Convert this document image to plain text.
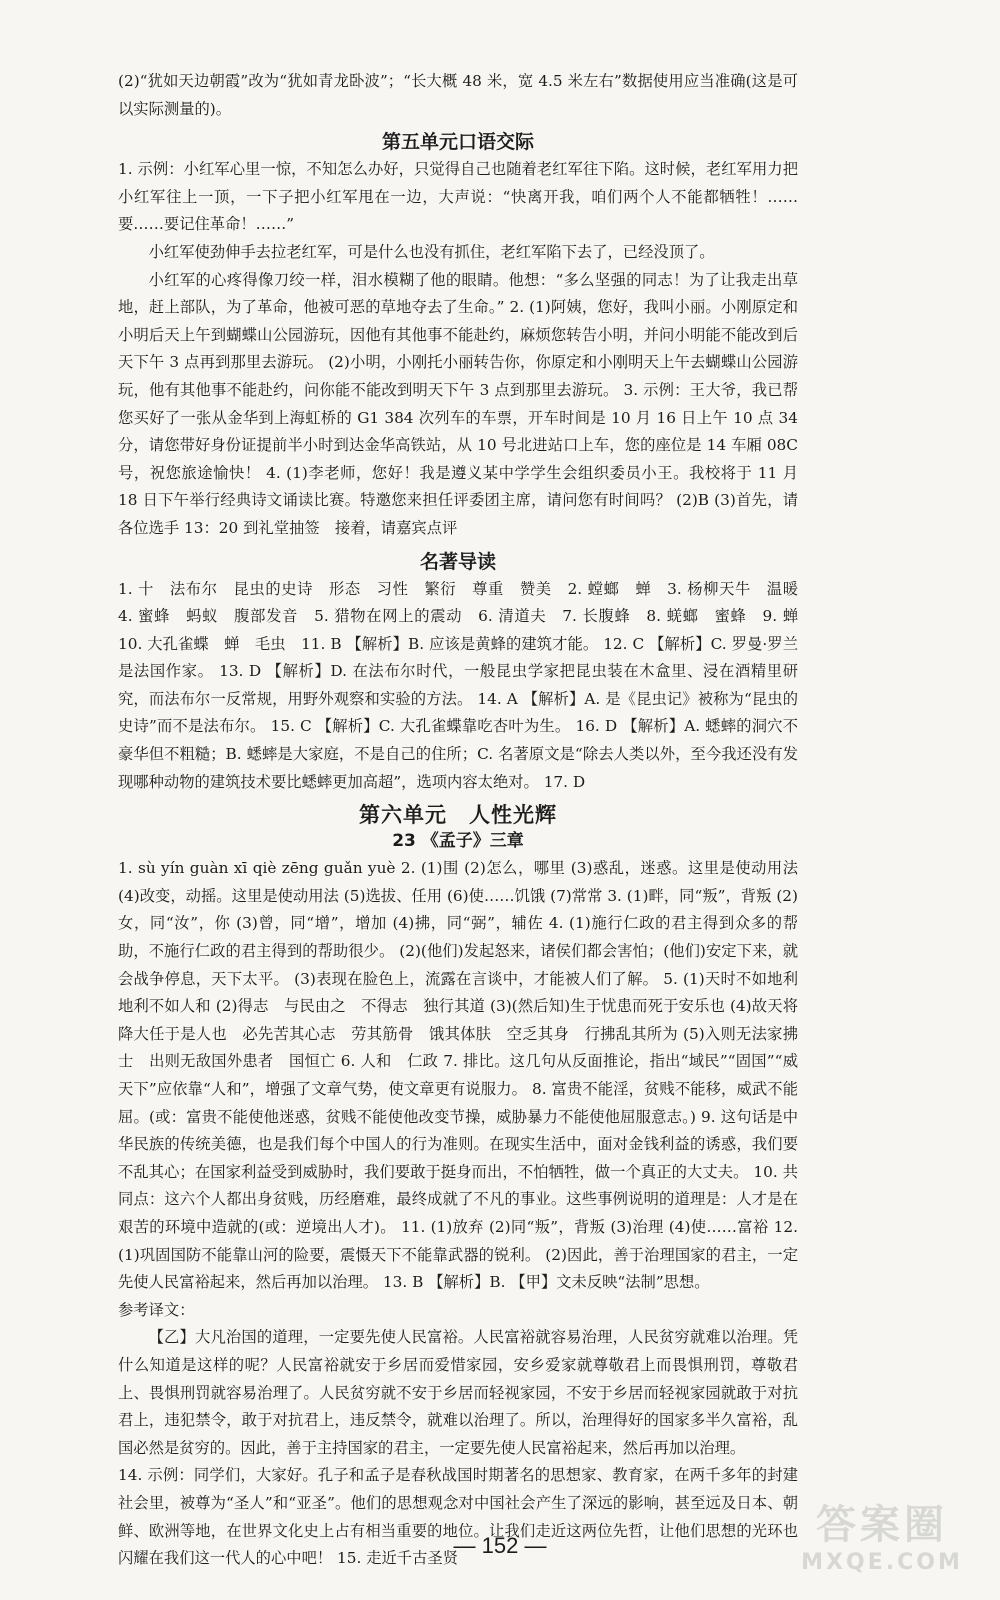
(2)“犹如天边朝霞”改为“犹如青龙卧波”；“长大概 48 米，宽 4.5 米左右”数据使用应当准确(这是可以实际测量的)。

第五单元口语交际

1. 示例：小红军心里一惊，不知怎么办好，只觉得自己也随着老红军往下陷。这时候，老红军用力把小红军往上一顶，一下子把小红军甩在一边，大声说：“快离开我，咱们两个人不能都牺牲！……要……要记住革命！……”

小红军使劲伸手去拉老红军，可是什么也没有抓住，老红军陷下去了，已经没顶了。

小红军的心疼得像刀绞一样，泪水模糊了他的眼睛。他想：“多么坚强的同志！为了让我走出草地，赶上部队，为了革命，他被可恶的草地夺去了生命。” 2. (1)阿姨，您好，我叫小丽。小刚原定和小明后天上午到蝴蝶山公园游玩，因他有其他事不能赴约，麻烦您转告小明，并问小明能不能改到后天下午 3 点再到那里去游玩。 (2)小明，小刚托小丽转告你，你原定和小刚明天上午去蝴蝶山公园游玩，他有其他事不能赴约，问你能不能改到明天下午 3 点到那里去游玩。 3. 示例：王大爷，我已帮您买好了一张从金华到上海虹桥的 G1 384 次列车的车票，开车时间是 10 月 16 日上午 10 点 34 分，请您带好身份证提前半小时到达金华高铁站，从 10 号北进站口上车，您的座位是 14 车厢 08C 号，祝您旅途愉快！ 4. (1)李老师，您好！我是遵义某中学学生会组织委员小王。我校将于 11 月 18 日下午举行经典诗文诵读比赛。特邀您来担任评委团主席，请问您有时间吗？ (2)B (3)首先，请各位选手 13：20 到礼堂抽签　接着，请嘉宾点评

名著导读

1. 十　法布尔　昆虫的史诗　形态　习性　繁衍　尊重　赞美　2. 螳螂　蝉　3. 杨柳天牛　温暖　4. 蜜蜂　蚂蚁　腹部发音　5. 猎物在网上的震动　6. 清道夫　7. 长腹蜂　8. 蜣螂　蜜蜂　9. 蝉　10. 大孔雀蝶　蝉　毛虫　11. B 【解析】B. 应该是黄蜂的建筑才能。 12. C 【解析】C. 罗曼·罗兰是法国作家。 13. D 【解析】D. 在法布尔时代，一般昆虫学家把昆虫装在木盒里、浸在酒精里研究，而法布尔一反常规，用野外观察和实验的方法。 14. A 【解析】A. 是《昆虫记》被称为“昆虫的史诗”而不是法布尔。 15. C 【解析】C. 大孔雀蝶靠吃杏叶为生。 16. D 【解析】A. 蟋蟀的洞穴不豪华但不粗糙；B. 蟋蟀是大家庭，不是自己的住所；C. 名著原文是“除去人类以外，至今我还没有发现哪种动物的建筑技术要比蟋蟀更加高超”，选项内容太绝对。 17. D

第六单元　人性光辉
23 《孟子》三章

1. sù yín guàn xī qiè zēng guǎn yuè 2. (1)围 (2)怎么，哪里 (3)惑乱，迷惑。这里是使动用法 (4)改变，动摇。这里是使动用法 (5)选拔、任用 (6)使……饥饿 (7)常常 3. (1)畔，同“叛”，背叛 (2)女，同“汝”，你 (3)曾，同“增”，增加 (4)拂，同“弼”，辅佐 4. (1)施行仁政的君主得到众多的帮助，不施行仁政的君主得到的帮助很少。 (2)(他们)发起怒来，诸侯们都会害怕；(他们)安定下来，就会战争停息，天下太平。 (3)表现在脸色上，流露在言谈中，才能被人们了解。 5. (1)天时不如地利　地利不如人和 (2)得志　与民由之　不得志　独行其道 (3)(然后知)生于忧患而死于安乐也 (4)故天将降大任于是人也　必先苦其心志　劳其筋骨　饿其体肤　空乏其身　行拂乱其所为 (5)入则无法家拂士　出则无敌国外患者　国恒亡 6. 人和　仁政 7. 排比。这几句从反面推论，指出“域民”“固国”“威天下”应依靠“人和”，增强了文章气势，使文章更有说服力。 8. 富贵不能淫，贫贱不能移，威武不能屈。(或：富贵不能使他迷惑，贫贱不能使他改变节操，威胁暴力不能使他屈服意志。) 9. 这句话是中华民族的传统美德，也是我们每个中国人的行为准则。在现实生活中，面对金钱利益的诱惑，我们要不乱其心；在国家利益受到威胁时，我们要敢于挺身而出，不怕牺牲，做一个真正的大丈夫。 10. 共同点：这六个人都出身贫贱，历经磨难，最终成就了不凡的事业。这些事例说明的道理是：人才是在艰苦的环境中造就的(或：逆境出人才)。 11. (1)放弃 (2)同“叛”，背叛 (3)治理 (4)使……富裕 12. (1)巩固国防不能靠山河的险要，震慑天下不能靠武器的锐利。 (2)因此，善于治理国家的君主，一定先使人民富裕起来，然后再加以治理。 13. B 【解析】B. 【甲】文未反映“法制”思想。

参考译文：

【乙】大凡治国的道理，一定要先使人民富裕。人民富裕就容易治理，人民贫穷就难以治理。凭什么知道是这样的呢？人民富裕就安于乡居而爱惜家园，安乡爱家就尊敬君上而畏惧刑罚，尊敬君上、畏惧刑罚就容易治理了。人民贫穷就不安于乡居而轻视家园，不安于乡居而轻视家园就敢于对抗君上，违犯禁令，敢于对抗君上，违反禁令，就难以治理了。所以，治理得好的国家多半久富裕，乱国必然是贫穷的。因此，善于主持国家的君主，一定要先使人民富裕起来，然后再加以治理。

14. 示例：同学们，大家好。孔子和孟子是春秋战国时期著名的思想家、教育家，在两千多年的封建社会里，被尊为“圣人”和“亚圣”。他们的思想观念对中国社会产生了深远的影响，甚至远及日本、朝鲜、欧洲等地，在世界文化史上占有相当重要的地位。让我们走近这两位先哲，让他们思想的光环也闪耀在我们这一代人的心中吧！ 15. 走近千古圣贤

— 152 —	答案圈
MXQE.COM
